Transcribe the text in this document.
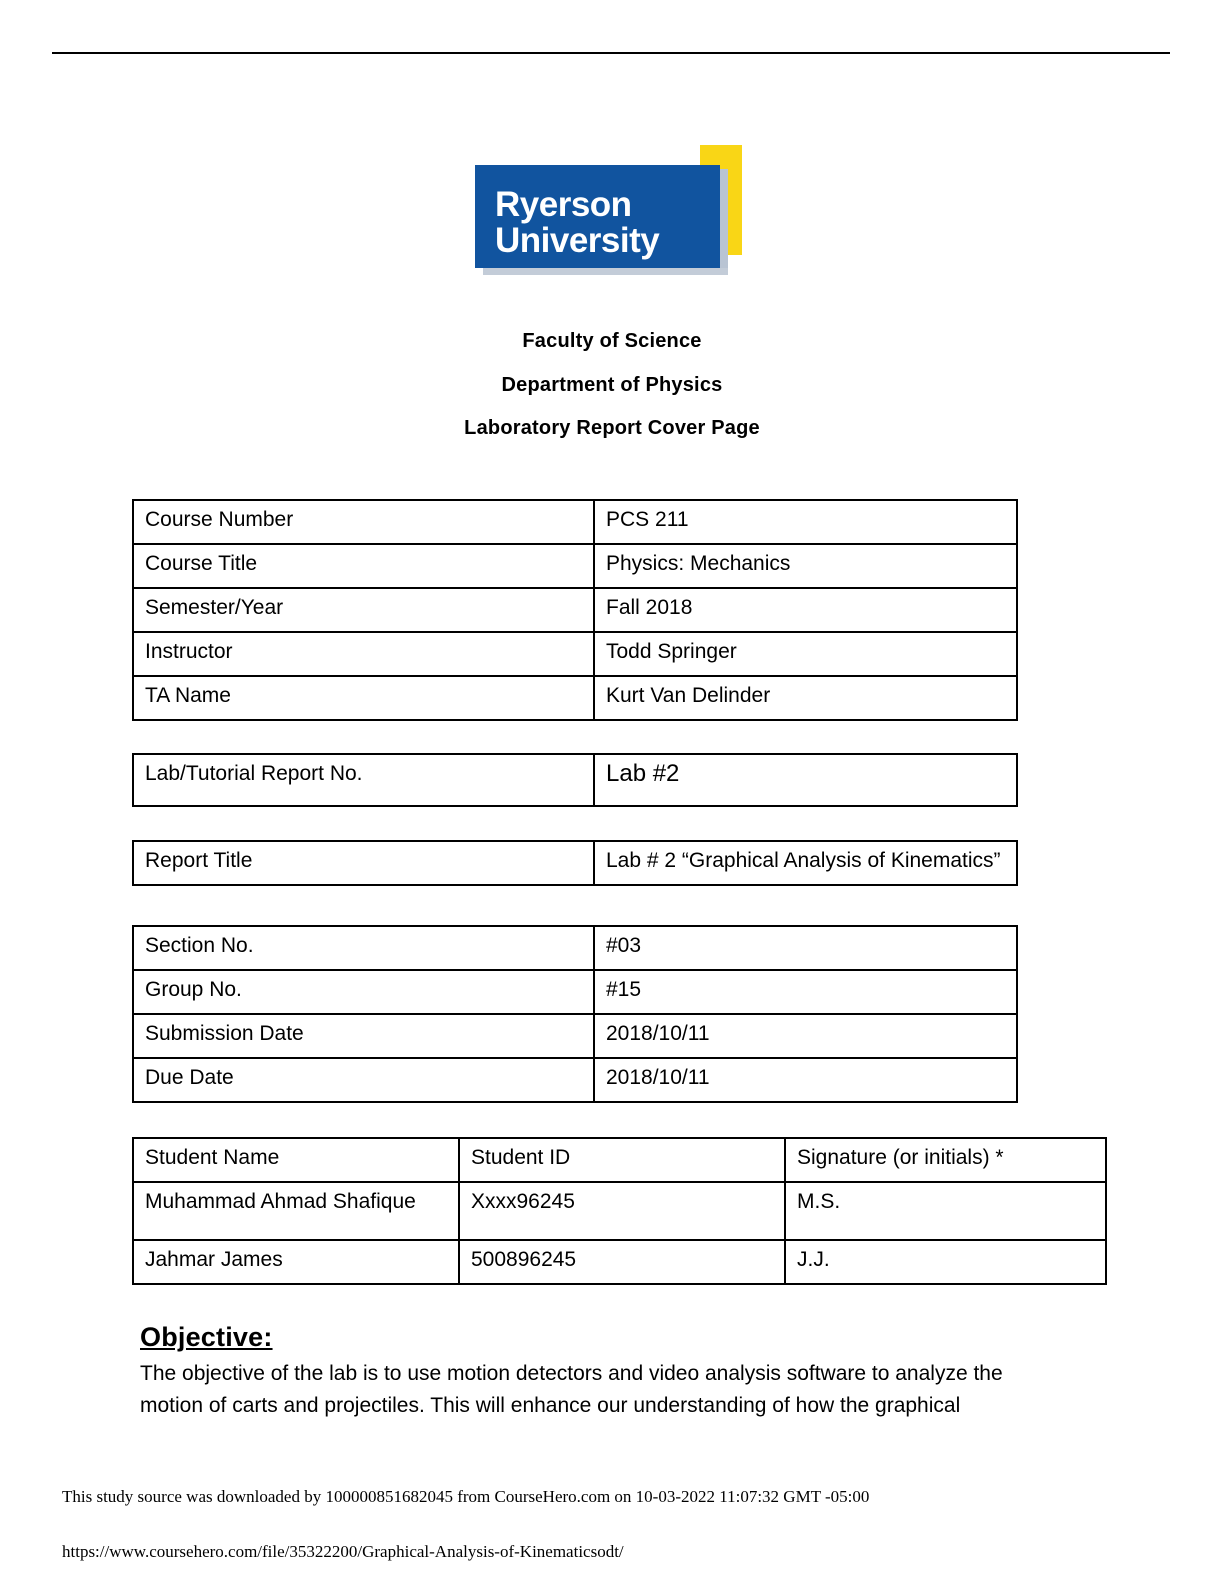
Ryerson
University
Faculty of Science
Department of Physics
Laboratory Report Cover Page
Course Number	PCS 211
Course Title	Physics: Mechanics
Semester/Year	Fall 2018
Instructor	Todd Springer
TA Name	Kurt Van Delinder
Lab/Tutorial Report No.	Lab #2
Report Title	Lab # 2 “Graphical Analysis of Kinematics”
Section No.	#03
Group No.	#15
Submission Date	2018/10/11
Due Date	2018/10/11
Student Name	Student ID	Signature (or initials) *
Muhammad Ahmad Shafique	Xxxx96245	M.S.
Jahmar James	500896245	J.J.
Objective:
The objective of the lab is to use motion detectors and video analysis software to analyze the motion of carts and projectiles. This will enhance our understanding of how the graphical
This study source was downloaded by 100000851682045 from CourseHero.com on 10-03-2022 11:07:32 GMT -05:00
https://www.coursehero.com/file/35322200/Graphical-Analysis-of-Kinematicsodt/
